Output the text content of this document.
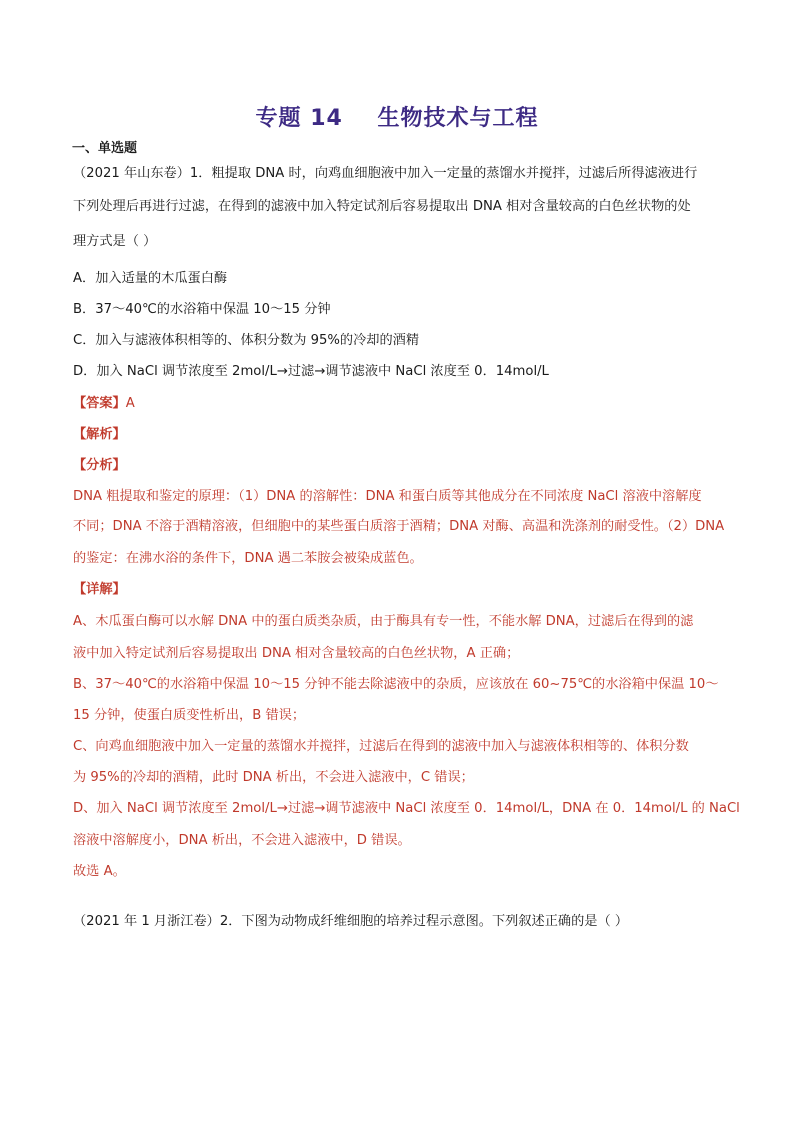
专题 14    生物技术与工程
一、单选题
（2021 年山东卷）1．粗提取 DNA 时，向鸡血细胞液中加入一定量的蒸馏水并搅拌，过滤后所得滤液进行
下列处理后再进行过滤，在得到的滤液中加入特定试剂后容易提取出 DNA 相对含量较高的白色丝状物的处
理方式是（ ）
A．加入适量的木瓜蛋白酶
B．37～40℃的水浴箱中保温 10～15 分钟
C．加入与滤液体积相等的、体积分数为 95%的冷却的酒精
D．加入 NaCl 调节浓度至 2mol/L→过滤→调节滤液中 NaCl 浓度至 0．14mol/L
【答案】A
【解析】
【分析】
DNA 粗提取和鉴定的原理：（1）DNA 的溶解性：DNA 和蛋白质等其他成分在不同浓度 NaCl 溶液中溶解度
不同；DNA 不溶于酒精溶液，但细胞中的某些蛋白质溶于酒精；DNA 对酶、高温和洗涤剂的耐受性。（2）DNA
的鉴定：在沸水浴的条件下，DNA 遇二苯胺会被染成蓝色。
【详解】
A、木瓜蛋白酶可以水解 DNA 中的蛋白质类杂质，由于酶具有专一性，不能水解 DNA，过滤后在得到的滤
液中加入特定试剂后容易提取出 DNA 相对含量较高的白色丝状物，A 正确；
B、37～40℃的水浴箱中保温 10～15 分钟不能去除滤液中的杂质，应该放在 60~75℃的水浴箱中保温 10～
15 分钟，使蛋白质变性析出，B 错误；
C、向鸡血细胞液中加入一定量的蒸馏水并搅拌，过滤后在得到的滤液中加入与滤液体积相等的、体积分数
为 95%的冷却的酒精，此时 DNA 析出，不会进入滤液中，C 错误；
D、加入 NaCl 调节浓度至 2mol/L→过滤→调节滤液中 NaCl 浓度至 0．14mol/L，DNA 在 0．14mol/L 的 NaCl
溶液中溶解度小，DNA 析出，不会进入滤液中，D 错误。
故选 A。
（2021 年 1 月浙江卷）2．下图为动物成纤维细胞的培养过程示意图。下列叙述正确的是（ ）
